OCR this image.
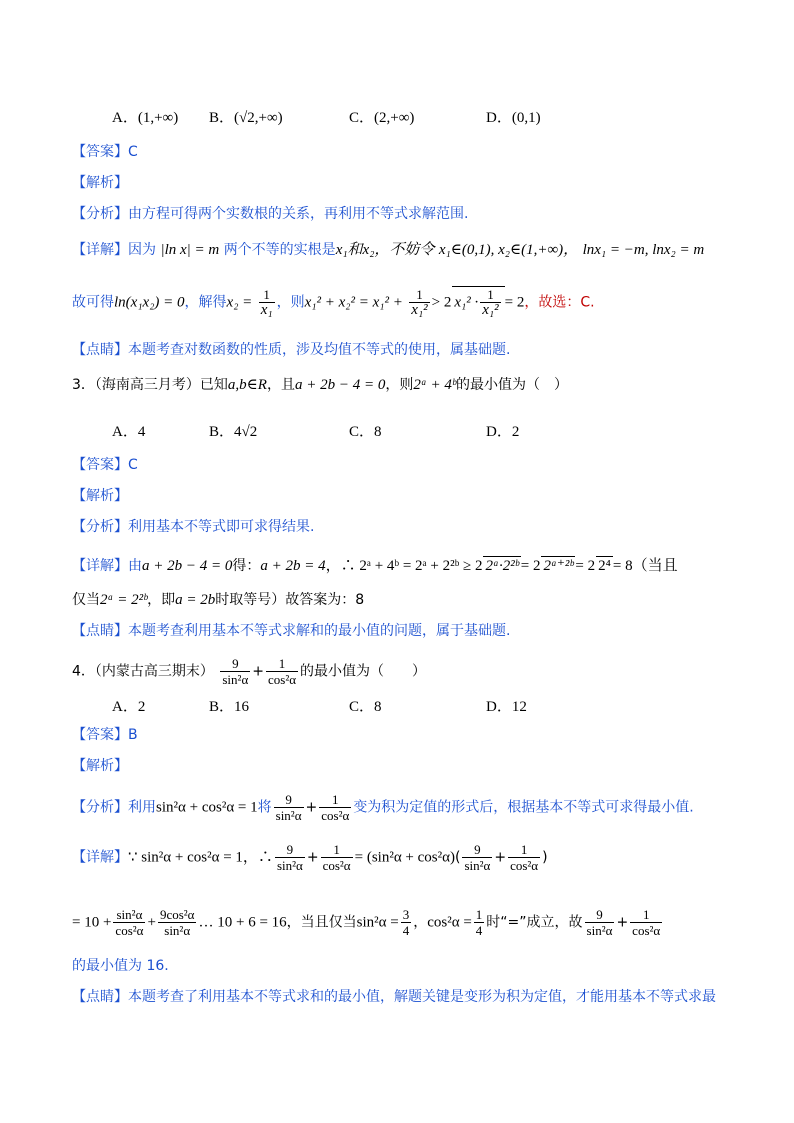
A．(1,+∞) B．(√2,+∞)	C．(2,+∞)	D．(0,1)
【答案】C
【解析】
【分析】由方程可得两个实数根的关系，再利用不等式求解范围.
【详解】因为 |ln x| = m 两个不等的实根是x₁和x₂，不妨令 x₁∈(0,1), x₂∈(1,+∞)， lnx₁ = −m, lnx₂ = m
故可得ln(x₁x₂) = 0，解得$x_2 = \frac{1}{\text{x₁}}$ ，则$x_1^2 + x_2^2 = x_1^2 + \frac{1}{\text{x₁²}} > 2$ $x_1^2 \cdot \frac{1}{\text{x₁²}} = 2$，故选：C.
【点睛】本题考查对数函数的性质，涉及均值不等式的使用，属基础题.
3．（海南高三月考）已知a,b∈R，且a + 2b − 4 = 0，则2ᵃ + 4ᵇ的最小值为（　）
A．4	B．4√2	C．8	D．2
【答案】C
【解析】
【分析】利用基本不等式即可求得结果.
【详解】由a + 2b − 4 = 0得：a + 2b = 4，∴ 2ᵃ + 4ᵇ = 2ᵃ + 2²ᵇ ≥ 2 2ᵃ·2²ᵇ = 2 2ᵃ⁺²ᵇ = 2 2⁴ = 8（当且
仅当2ᵃ = 2²ᵇ，即a = 2b时取等号）故答案为：8
【点睛】本题考查利用基本不等式求解和的最小值的问题，属于基础题.
4．（内蒙古高三期末） $\frac{9}{\text{sin²α}} + \frac{1}{\text{cos²α}}$ 的最小值为（　　）
A．2	B．16	C．8	D．12
【答案】B
【解析】
【分析】利用sin²α + cos²α = 1将 $\frac{9}{\text{sin²α}} + \frac{1}{\text{cos²α}}$ 变为积为定值的形式后，根据基本不等式可求得最小值.
【详解】∵ sin²α + cos²α = 1，∴ $\frac{9}{\text{sin²α}} + \frac{1}{\text{cos²α}} = (\sin^2\alpha + \cos^2\alpha)( \frac{9}{\text{sin²α}} + \frac{1}{\text{cos²α}}$ )
= $10 + \frac{\text{sin²α}}{\text{cos²α}} + \frac{\text{9cos²α}}{\text{sin²α}}$ … 10 + 6 = 16，当且仅当$\sin^2\alpha = \frac{3}{4}$ ，$\cos^2\alpha = \frac{1}{4}$ 时“=”成立，故 $\frac{9}{\text{sin²α}} + \frac{1}{\text{cos²α}}$
的最小值为 16.
【点睛】本题考查了利用基本不等式求和的最小值，解题关键是变形为积为定值，才能用基本不等式求最
